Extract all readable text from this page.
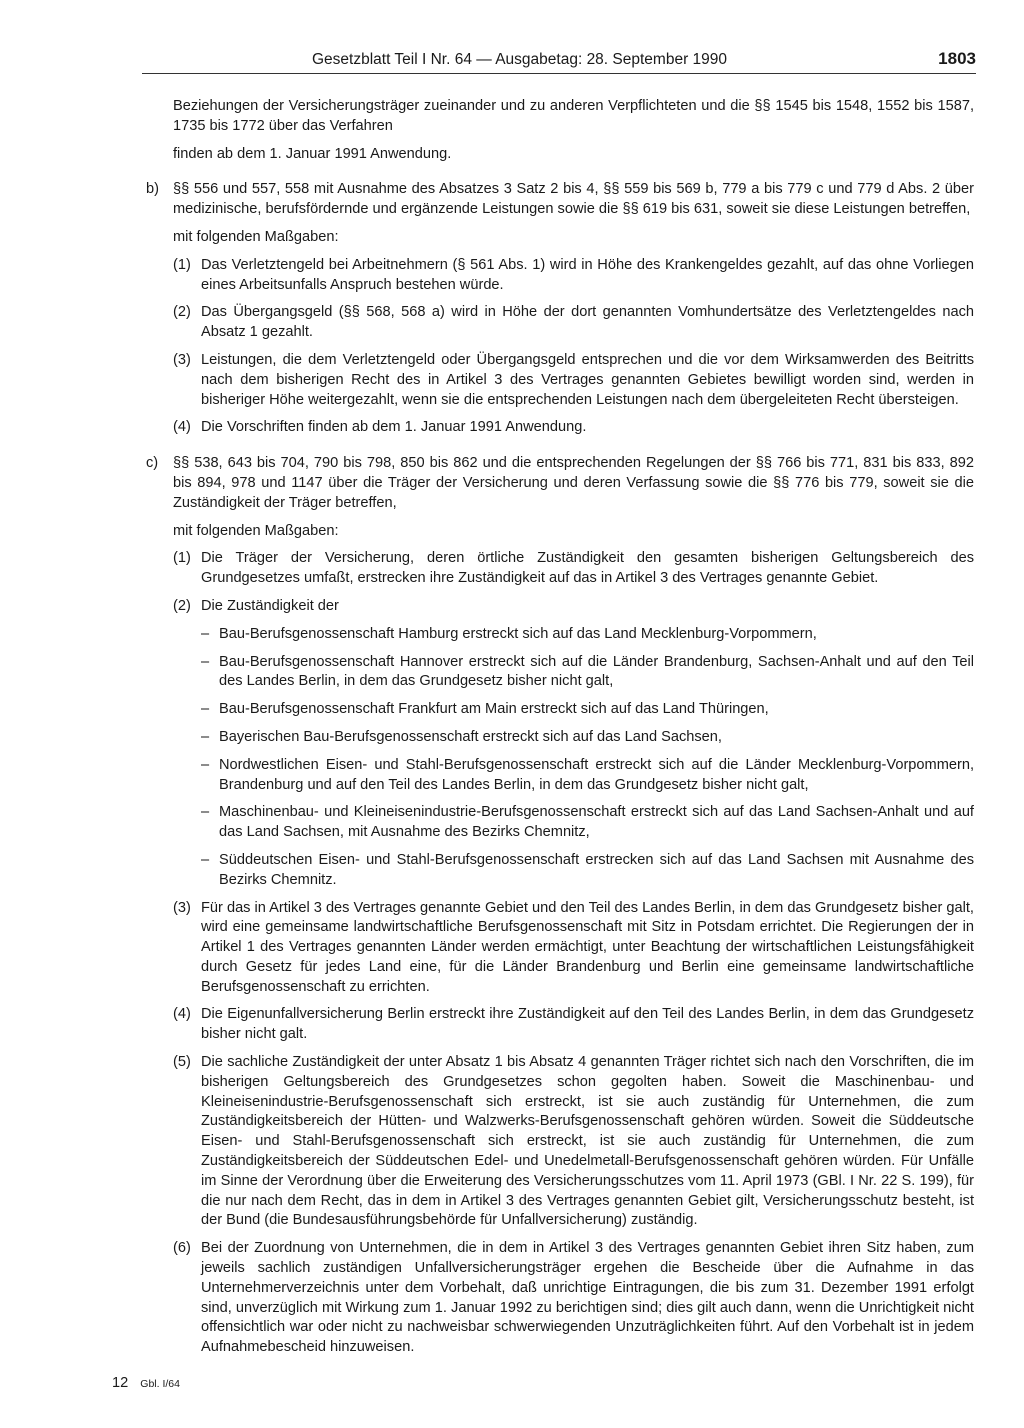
Gesetzblatt Teil I Nr. 64 — Ausgabetag: 28. September 1990	1803

Beziehungen der Versicherungsträger zueinander und zu anderen Verpflichteten und die §§ 1545 bis 1548, 1552 bis 1587, 1735 bis 1772 über das Verfahren

finden ab dem 1. Januar 1991 Anwendung.

b) §§ 556 und 557, 558 mit Ausnahme des Absatzes 3 Satz 2 bis 4, §§ 559 bis 569 b, 779 a bis 779 c und 779 d Abs. 2 über medizinische, berufsfördernde und ergänzende Leistungen sowie die §§ 619 bis 631, soweit sie diese Leistungen betreffen,

mit folgenden Maßgaben:

(1) Das Verletztengeld bei Arbeitnehmern (§ 561 Abs. 1) wird in Höhe des Krankengeldes gezahlt, auf das ohne Vorliegen eines Arbeitsunfalls Anspruch bestehen würde.
(2) Das Übergangsgeld (§§ 568, 568 a) wird in Höhe der dort genannten Vomhundertsätze des Verletztengeldes nach Absatz 1 gezahlt.
(3) Leistungen, die dem Verletztengeld oder Übergangsgeld entsprechen und die vor dem Wirksamwerden des Beitritts nach dem bisherigen Recht des in Artikel 3 des Vertrages genannten Gebietes bewilligt worden sind, werden in bisheriger Höhe weitergezahlt, wenn sie die entsprechenden Leistungen nach dem übergeleiteten Recht übersteigen.
(4) Die Vorschriften finden ab dem 1. Januar 1991 Anwendung.
c)	§§ 538, 643 bis 704, 790 bis 798, 850 bis 862 und die entsprechenden Regelungen der §§ 766 bis 771, 831 bis 833, 892 bis 894, 978 und 1147 über die Träger der Versicherung und deren Verfassung sowie die §§ 776 bis 779, soweit sie die Zuständigkeit der Träger betreffen,

mit folgenden Maßgaben:

(1) Die Träger der Versicherung, deren örtliche Zuständigkeit den gesamten bisherigen Geltungsbereich des Grundgesetzes umfaßt, erstrecken ihre Zuständigkeit auf das in Artikel 3 des Vertrages genannte Gebiet.
(2) Die Zuständigkeit der
– Bau-Berufsgenossenschaft Hamburg erstreckt sich auf das Land Mecklenburg-Vorpommern,
– Bau-Berufsgenossenschaft Hannover erstreckt sich auf die Länder Brandenburg, Sachsen-Anhalt und auf den Teil des Landes Berlin, in dem das Grundgesetz bisher nicht galt,
– Bau-Berufsgenossenschaft Frankfurt am Main erstreckt sich auf das Land Thüringen,
– Bayerischen Bau-Berufsgenossenschaft erstreckt sich auf das Land Sachsen,
– Nordwestlichen Eisen- und Stahl-Berufsgenossenschaft erstreckt sich auf die Länder Mecklenburg-Vorpommern, Brandenburg und auf den Teil des Landes Berlin, in dem das Grundgesetz bisher nicht galt,
– Maschinenbau- und Kleineisenindustrie-Berufsgenossenschaft erstreckt sich auf das Land Sachsen-Anhalt und auf das Land Sachsen, mit Ausnahme des Bezirks Chemnitz,
– Süddeutschen Eisen- und Stahl-Berufsgenossenschaft erstrecken sich auf das Land Sachsen mit Ausnahme des Bezirks Chemnitz.
(3) Für das in Artikel 3 des Vertrages genannte Gebiet und den Teil des Landes Berlin, in dem das Grundgesetz bisher galt, wird eine gemeinsame landwirtschaftliche Berufsgenossenschaft mit Sitz in Potsdam errichtet. Die Regierungen der in Artikel 1 des Vertrages genannten Länder werden ermächtigt, unter Beachtung der wirtschaftlichen Leistungsfähigkeit durch Gesetz für jedes Land eine, für die Länder Brandenburg und Berlin eine gemeinsame landwirtschaftliche Berufsgenossenschaft zu errichten.
(4) Die Eigenunfallversicherung Berlin erstreckt ihre Zuständigkeit auf den Teil des Landes Berlin, in dem das Grundgesetz bisher nicht galt.
(5) Die sachliche Zuständigkeit der unter Absatz 1 bis Absatz 4 genannten Träger richtet sich nach den Vorschriften, die im bisherigen Geltungsbereich des Grundgesetzes schon gegolten haben. Soweit die Maschinenbau- und Kleineisenindustrie-Berufsgenossenschaft sich erstreckt, ist sie auch zuständig für Unternehmen, die zum Zuständigkeitsbereich der Hütten- und Walzwerks-Berufsgenossenschaft gehören würden. Soweit die Süddeutsche Eisen- und Stahl-Berufsgenossenschaft sich erstreckt, ist sie auch zuständig für Unternehmen, die zum Zuständigkeitsbereich der Süddeutschen Edel- und Unedelmetall-Berufsgenossenschaft gehören würden. Für Unfälle im Sinne der Verordnung über die Erweiterung des Versicherungsschutzes vom 11. April 1973 (GBl. I Nr. 22 S. 199), für die nur nach dem Recht, das in dem in Artikel 3 des Vertrages genannten Gebiet gilt, Versicherungsschutz besteht, ist der Bund (die Bundesausführungsbehörde für Unfallversicherung) zuständig.
(6) Bei der Zuordnung von Unternehmen, die in dem in Artikel 3 des Vertrages genannten Gebiet ihren Sitz haben, zum jeweils sachlich zuständigen Unfallversicherungsträger ergehen die Bescheide über die Aufnahme in das Unternehmerverzeichnis unter dem Vorbehalt, daß unrichtige Eintragungen, die bis zum 31. Dezember 1991 erfolgt sind, unverzüglich mit Wirkung zum 1. Januar 1992 zu berichtigen sind; dies gilt auch dann, wenn die Unrichtigkeit nicht offensichtlich war oder nicht zu nachweisbar schwerwiegenden Unzuträglichkeiten führt. Auf den Vorbehalt ist in jedem Aufnahmebescheid hinzuweisen.
12 Gbl. I/64
